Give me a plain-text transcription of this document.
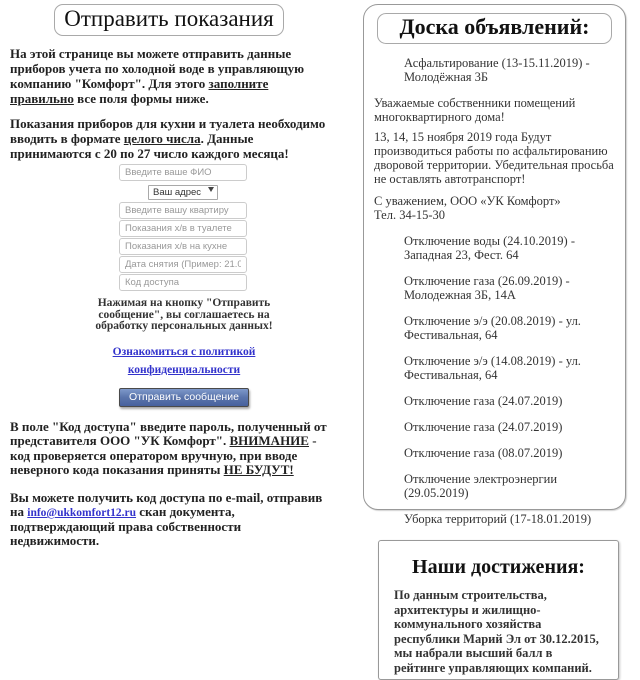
Отправить показания

На этой странице вы можете отправить данные приборов учета по холодной воде в управляющую компанию "Комфорт". Для этого заполните правильно все поля формы ниже.

Показания приборов для кухни и туалета необходимо вводить в формате целого числа. Данные принимаются с 20 по 27 число каждого месяца!

Введите ваше ФИО
Ваш адрес
Введите вашу квартиру
Показания х/в в туалете
Показания х/в на кухне
Дата снятия (Пример: 21.01.2017)
Код доступа
Нажимая на кнопку "Отправить сообщение", вы соглашаетесь на обработку персональных данных!
Ознакомиться с политикой конфиденциальности
Отправить сообщение

В поле "Код доступа" введите пароль, полученный от представителя ООО "УК Комфорт". ВНИМАНИЕ - код проверяется оператором вручную, при вводе неверного кода показания приняты НЕ БУДУТ!

Вы можете получить код доступа по e-mail, отправив на info@ukkomfort12.ru скан документа, подтверждающий права собственности недвижимости.

Доска объявлений:
Асфальтирование (13-15.11.2019) - Молодёжная 3Б

Уважаемые собственники помещений многоквартирного дома!

13, 14, 15 ноября 2019 года Будут производиться работы по асфальтированию дворовой территории. Убедительная просьба не оставлять автотранспорт!

С уважением, ООО «УК Комфорт»

Тел. 34-15-30

Отключение воды (24.10.2019) - Западная 23, Фест. 64
Отключение газа (26.09.2019) - Молодежная 3Б, 14А
Отключение э/э (20.08.2019) - ул. Фестивальная, 64
Отключение э/э (14.08.2019) - ул. Фестивальная, 64
Отключение газа (24.07.2019)
Отключение газа (24.07.2019)
Отключение газа (08.07.2019)
Отключение электроэнергии (29.05.2019)
Уборка территорий (17-18.01.2019)
Наши достижения:

По данным строительства, архитектуры и жилищно-коммунального хозяйства республики Марий Эл от 30.12.2015, мы набрали высший балл в рейтинге управляющих компаний.
